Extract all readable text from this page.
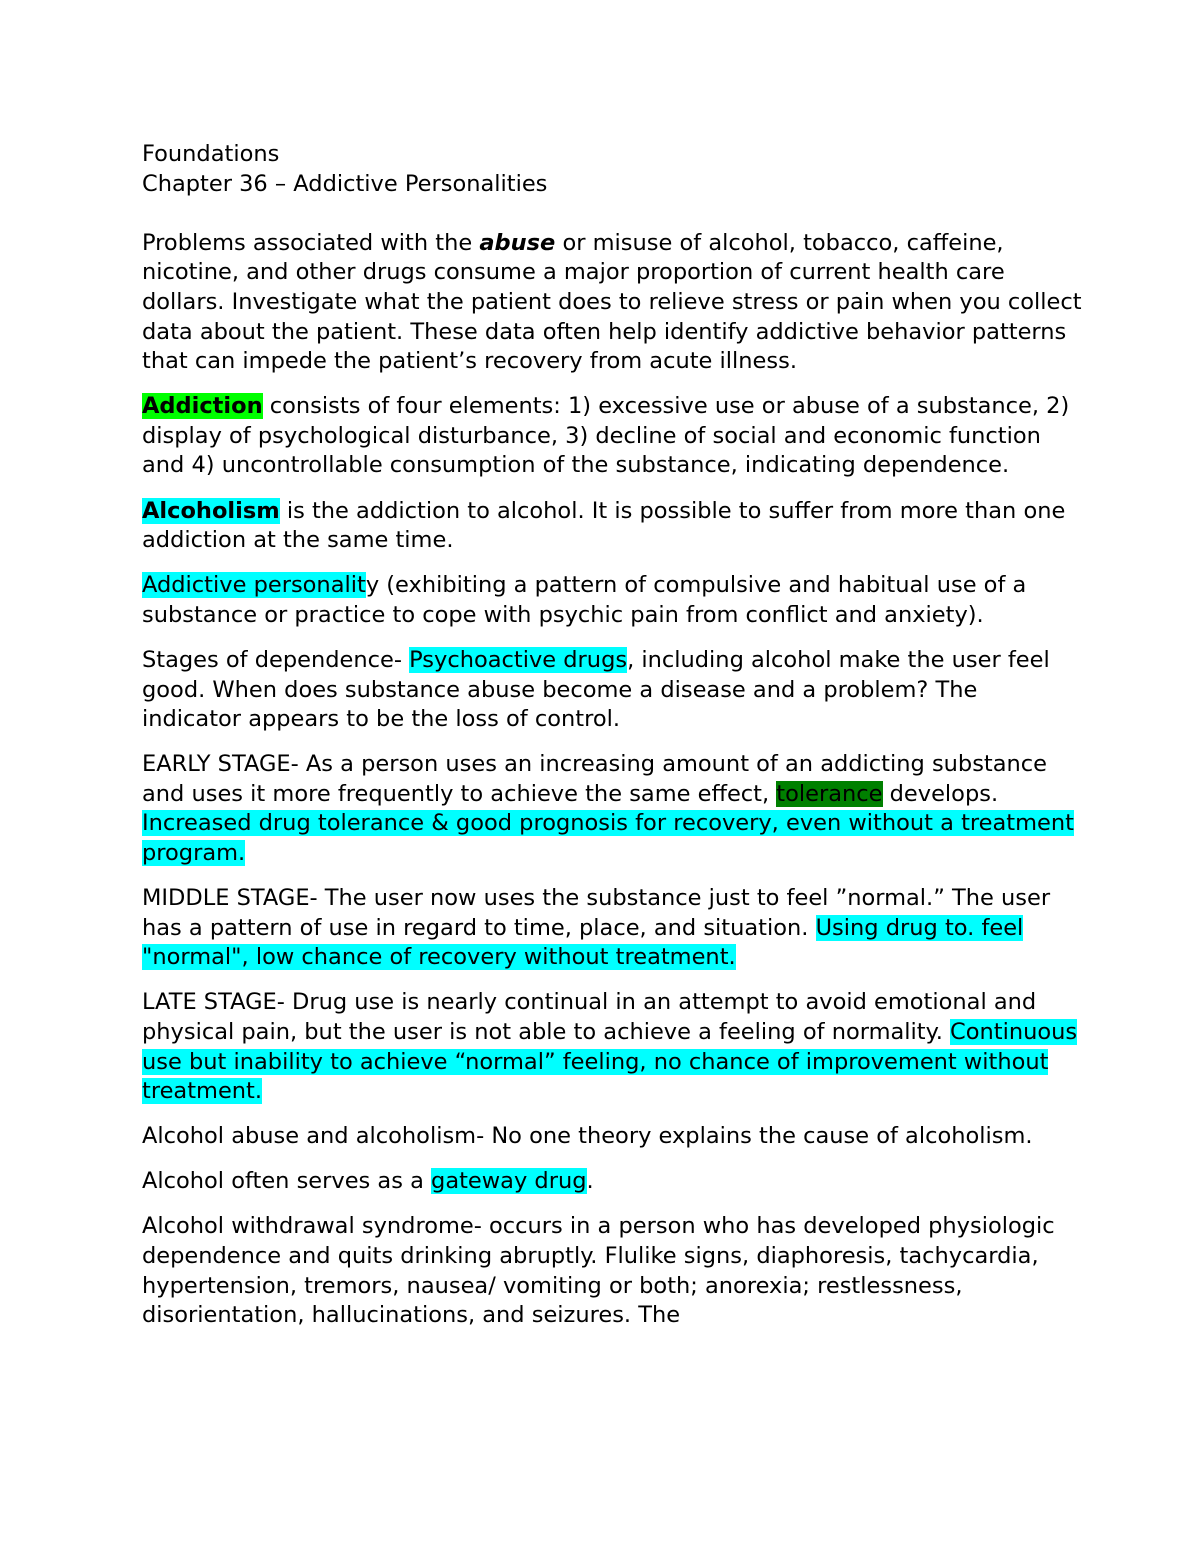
Foundations
Chapter 36 – Addictive Personalities

Problems associated with the abuse or misuse of alcohol, tobacco, caffeine, nicotine, and other drugs consume a major proportion of current health care dollars. Investigate what the patient does to relieve stress or pain when you collect data about the patient. These data often help identify addictive behavior patterns that can impede the patient’s recovery from acute illness.

Addiction consists of four elements: 1) excessive use or abuse of a substance, 2) display of psychological disturbance, 3) decline of social and economic function and 4) uncontrollable consumption of the substance, indicating dependence.

Alcoholism is the addiction to alcohol. It is possible to suffer from more than one addiction at the same time.

Addictive personality (exhibiting a pattern of compulsive and habitual use of a substance or practice to cope with psychic pain from conflict and anxiety).

Stages of dependence- Psychoactive drugs, including alcohol make the user feel good. When does substance abuse become a disease and a problem? The indicator appears to be the loss of control.

EARLY STAGE- As a person uses an increasing amount of an addicting substance and uses it more frequently to achieve the same effect, tolerance develops. Increased drug tolerance & good prognosis for recovery, even without a treatment program.

MIDDLE STAGE- The user now uses the substance just to feel ”normal.” The user has a pattern of use in regard to time, place, and situation. Using drug to. feel "normal", low chance of recovery without treatment.

LATE STAGE- Drug use is nearly continual in an attempt to avoid emotional and physical pain, but the user is not able to achieve a feeling of normality. Continuous use but inability to achieve “normal” feeling, no chance of improvement without treatment.

Alcohol abuse and alcoholism- No one theory explains the cause of alcoholism.

Alcohol often serves as a gateway drug.

Alcohol withdrawal syndrome- occurs in a person who has developed physiologic dependence and quits drinking abruptly. Flulike signs, diaphoresis, tachycardia, hypertension, tremors, nausea/ vomiting or both; anorexia; restlessness, disorientation, hallucinations, and seizures. The
